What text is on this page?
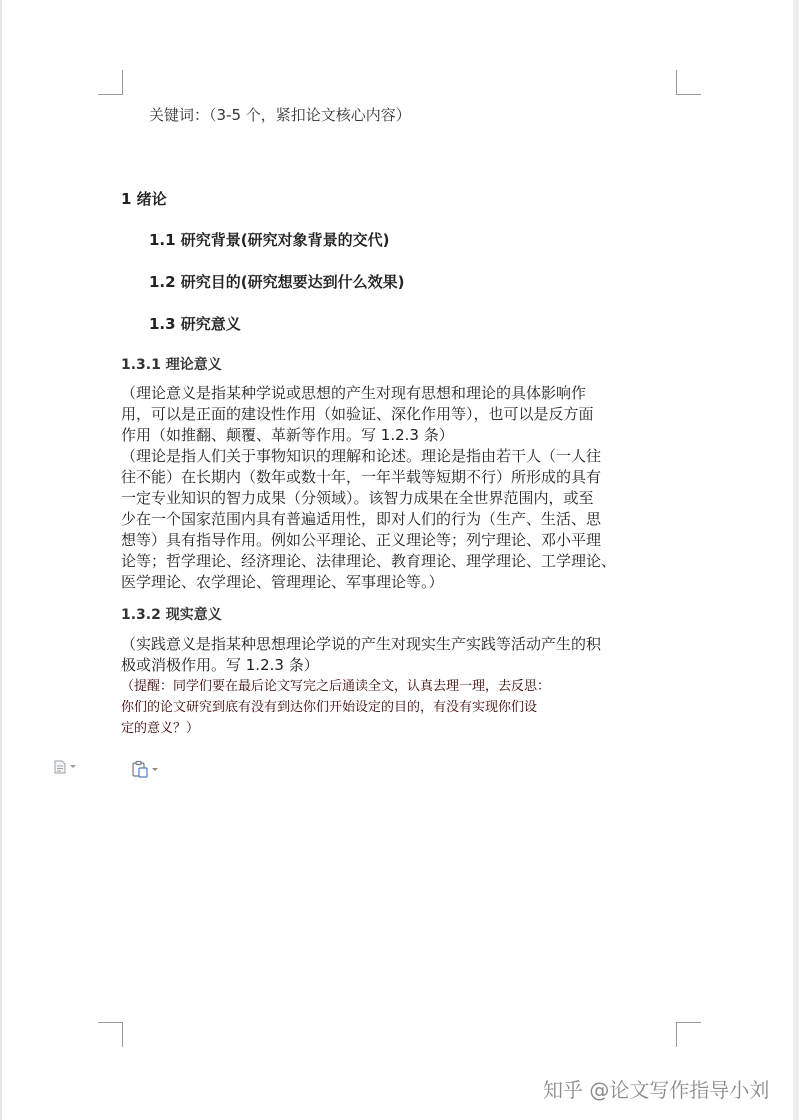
关键词：（3-5 个，紧扣论文核心内容）
1 绪论
1.1 研究背景(研究对象背景的交代)
1.2 研究目的(研究想要达到什么效果)
1.3 研究意义
1.3.1 理论意义
（理论意义是指某种学说或思想的产生对现有思想和理论的具体影响作
用，可以是正面的建设性作用（如验证、深化作用等），也可以是反方面
作用（如推翻、颠覆、革新等作用。写 1.2.3 条）
（理论是指人们关于事物知识的理解和论述。理论是指由若干人（一人往
往不能）在长期内（数年或数十年，一年半载等短期不行）所形成的具有
一定专业知识的智力成果（分领域）。该智力成果在全世界范围内，或至
少在一个国家范围内具有普遍适用性，即对人们的行为（生产、生活、思
想等）具有指导作用。例如公平理论、正义理论等；列宁理论、邓小平理
论等；哲学理论、经济理论、法律理论、教育理论、理学理论、工学理论、
医学理论、农学理论、管理理论、军事理论等。）
1.3.2 现实意义
（实践意义是指某种思想理论学说的产生对现实生产实践等活动产生的积
极或消极作用。写 1.2.3 条）
（提醒：同学们要在最后论文写完之后通读全文，认真去理一理，去反思：
你们的论文研究到底有没有到达你们开始设定的目的，有没有实现你们设
定的意义？）
知乎 @论文写作指导小刘
